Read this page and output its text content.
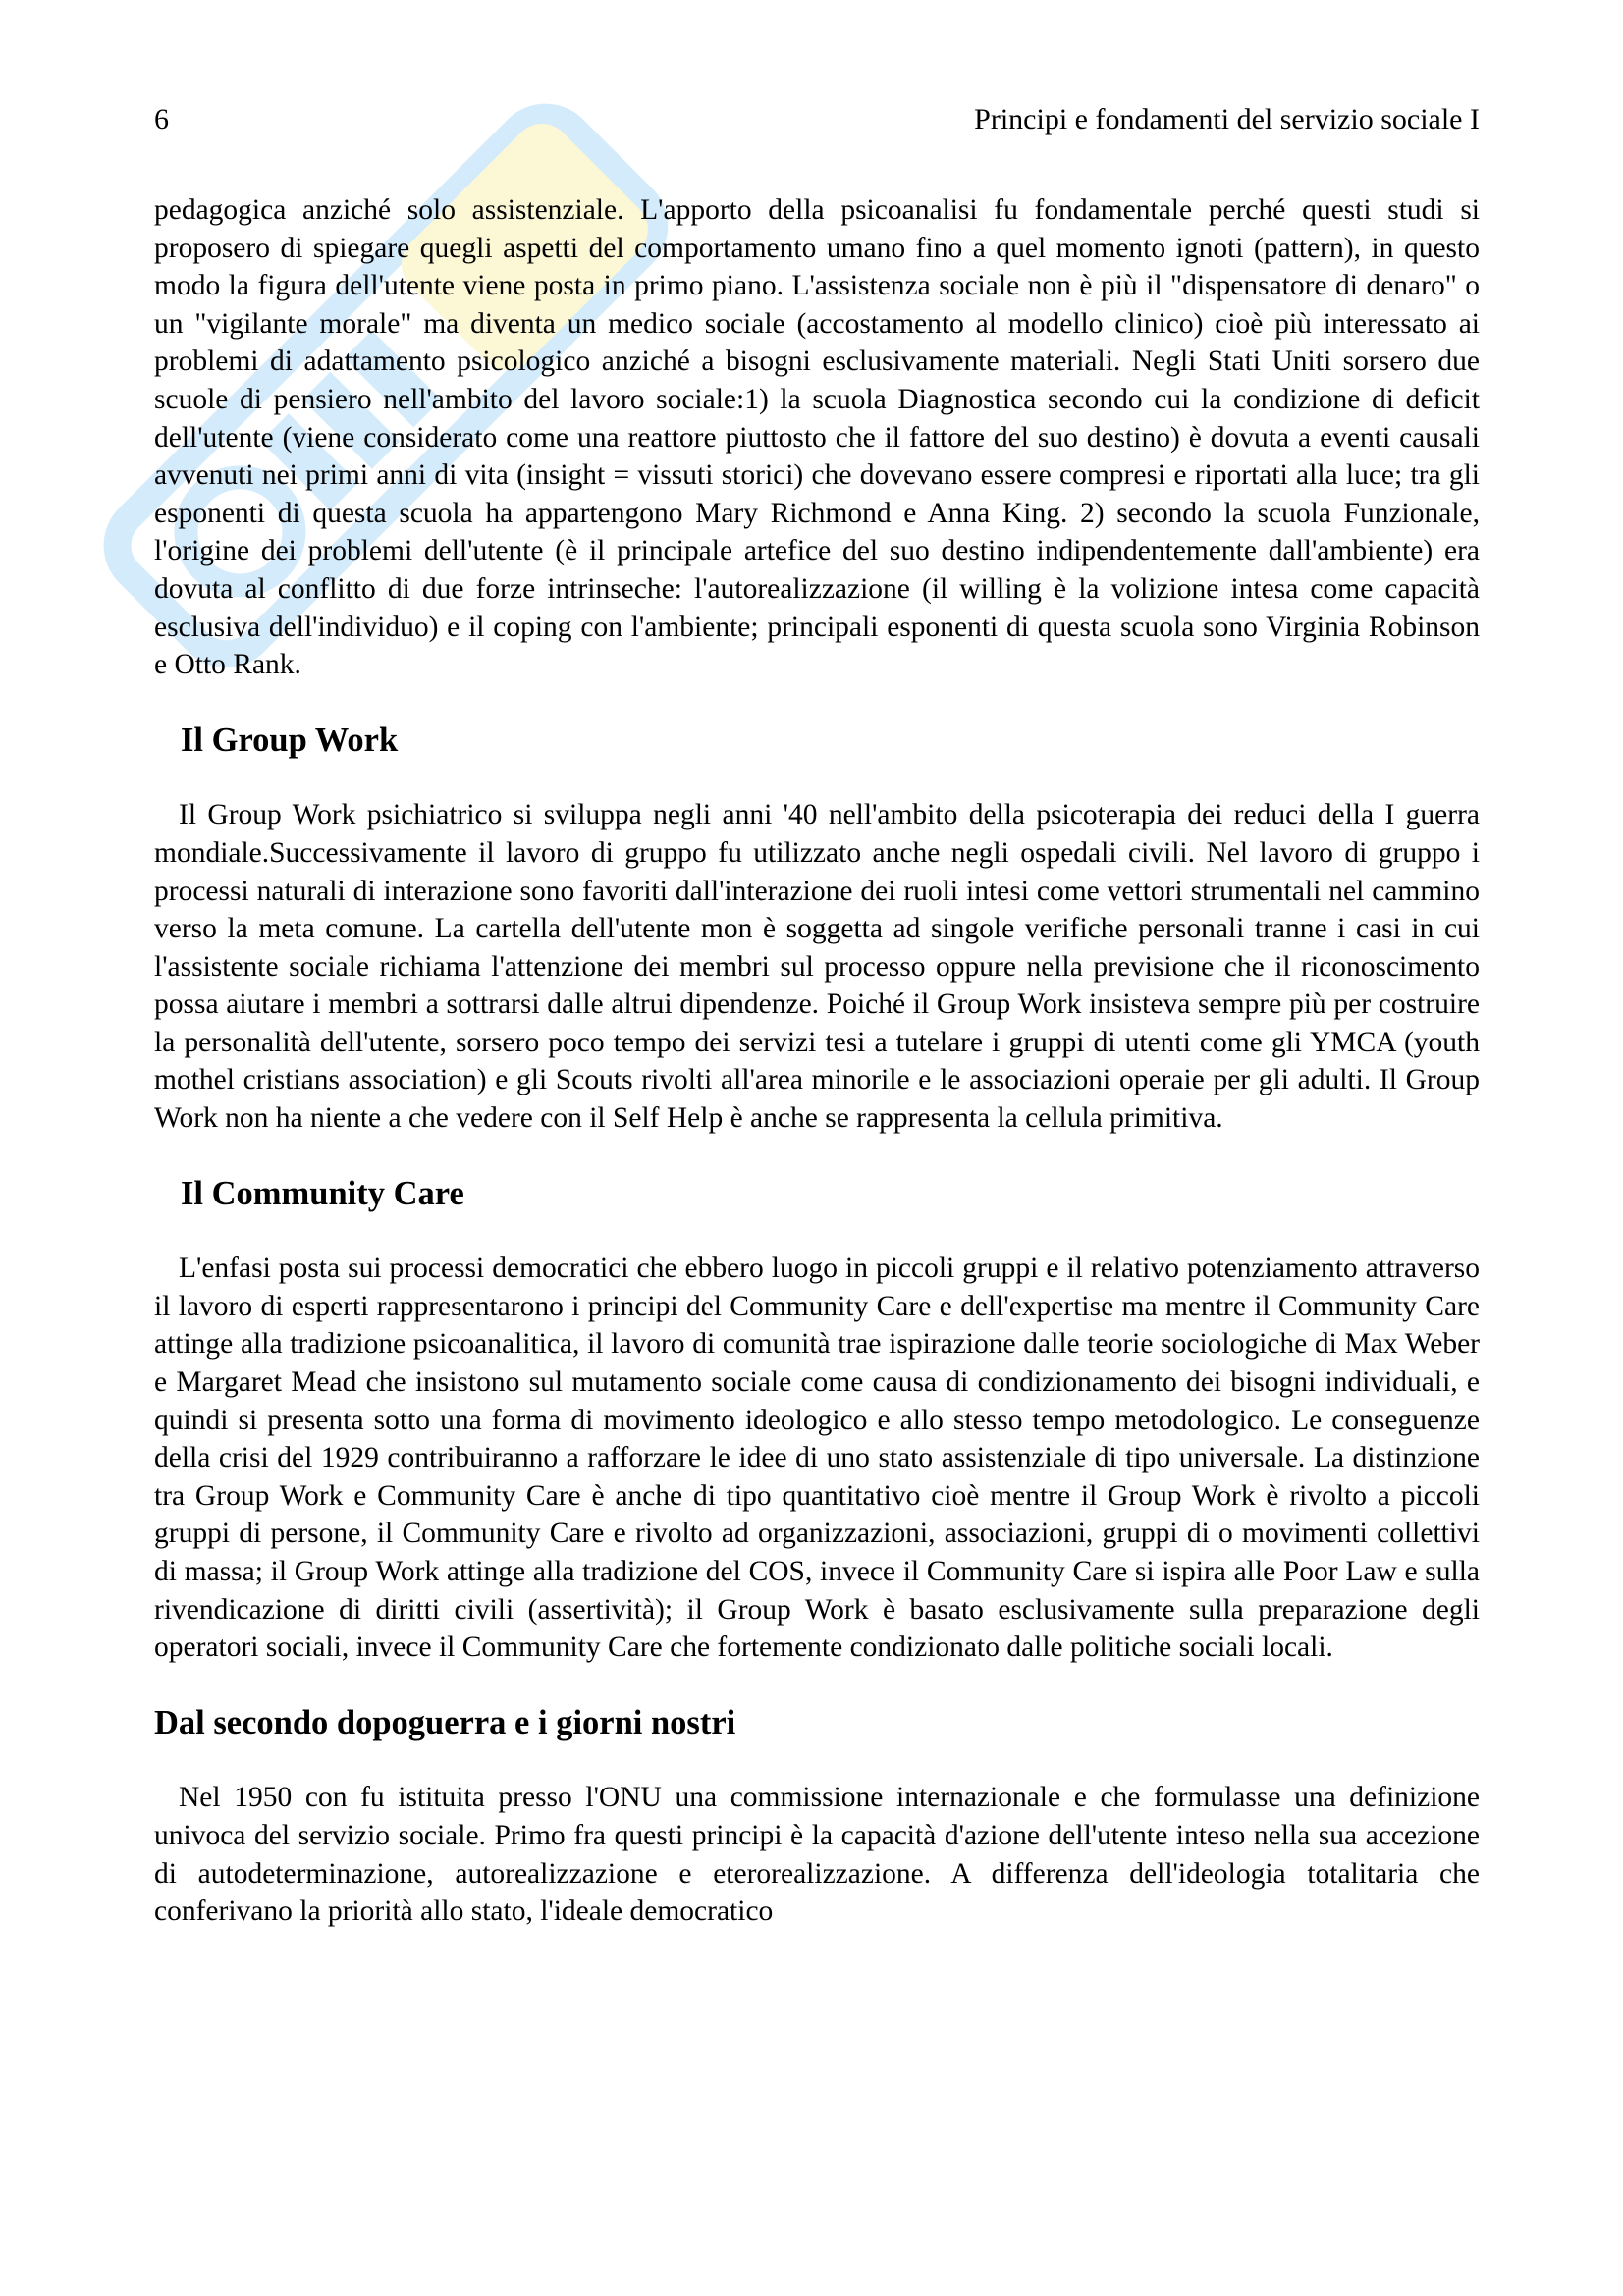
6	Principi e fondamenti del servizio sociale I

pedagogica anziché solo assistenziale. L'apporto della psicoanalisi fu fondamentale perché questi studi si proposero di spiegare quegli aspetti del comportamento umano fino a quel momento ignoti (pattern), in questo modo la figura dell'utente viene posta in primo piano. L'assistenza sociale non è più il "dispensatore di denaro" o un "vigilante morale" ma diventa un medico sociale (accostamento al modello clinico) cioè più interessato ai problemi di adattamento psicologico anziché a bisogni esclusivamente materiali. Negli Stati Uniti sorsero due scuole di pensiero nell'ambito del lavoro sociale:1) la scuola Diagnostica secondo cui la condizione di deficit dell'utente (viene considerato come una reattore piuttosto che il fattore del suo destino) è dovuta a eventi causali avvenuti nei primi anni di vita (insight = vissuti storici) che dovevano essere compresi e riportati alla luce; tra gli esponenti di questa scuola ha appartengono Mary Richmond e Anna King. 2) secondo la scuola Funzionale, l'origine dei problemi dell'utente (è il principale artefice del suo destino indipendentemente dall'ambiente) era dovuta al conflitto di due forze intrinseche: l'autorealizzazione (il willing è la volizione intesa come capacità esclusiva dell'individuo) e il coping con l'ambiente; principali esponenti di questa scuola sono Virginia Robinson e Otto Rank.

Il Group Work

Il Group Work psichiatrico si sviluppa negli anni '40 nell'ambito della psicoterapia dei reduci della I guerra mondiale.Successivamente il lavoro di gruppo fu utilizzato anche negli ospedali civili. Nel lavoro di gruppo i processi naturali di interazione sono favoriti dall'interazione dei ruoli intesi come vettori strumentali nel cammino verso la meta comune. La cartella dell'utente mon è soggetta ad singole verifiche personali tranne i casi in cui l'assistente sociale richiama l'attenzione dei membri sul processo oppure nella previsione che il riconoscimento possa aiutare i membri a sottrarsi dalle altrui dipendenze. Poiché il Group Work insisteva sempre più per costruire la personalità dell'utente, sorsero poco tempo dei servizi tesi a tutelare i gruppi di utenti come gli YMCA (youth mothel cristians association) e gli Scouts rivolti all'area minorile e le associazioni operaie per gli adulti. Il Group Work non ha niente a che vedere con il Self Help è anche se rappresenta la cellula primitiva.

Il Community Care

L'enfasi posta sui processi democratici che ebbero luogo in piccoli gruppi e il relativo potenziamento attraverso il lavoro di esperti rappresentarono i principi del Community Care e dell'expertise ma mentre il Community Care attinge alla tradizione psicoanalitica, il lavoro di comunità trae ispirazione dalle teorie sociologiche di Max Weber e Margaret Mead che insistono sul mutamento sociale come causa di condizionamento dei bisogni individuali, e quindi si presenta sotto una forma di movimento ideologico e allo stesso tempo metodologico. Le conseguenze della crisi del 1929 contribuiranno a rafforzare le idee di uno stato assistenziale di tipo universale. La distinzione tra Group Work e Community Care è anche di tipo quantitativo cioè mentre il Group Work è rivolto a piccoli gruppi di persone, il Community Care e rivolto ad organizzazioni, associazioni, gruppi di o movimenti collettivi di massa; il Group Work attinge alla tradizione del COS, invece il Community Care si ispira alle Poor Law e sulla rivendicazione di diritti civili (assertività); il Group Work è basato esclusivamente sulla preparazione degli operatori sociali, invece il Community Care che fortemente condizionato dalle politiche sociali locali.

Dal secondo dopoguerra e i giorni nostri

Nel 1950 con fu istituita presso l'ONU una commissione internazionale e che formulasse una definizione univoca del servizio sociale. Primo fra questi principi è la capacità d'azione dell'utente inteso nella sua accezione di autodeterminazione, autorealizzazione e eterorealizzazione. A differenza dell'ideologia totalitaria che conferivano la priorità allo stato, l'ideale democratico
